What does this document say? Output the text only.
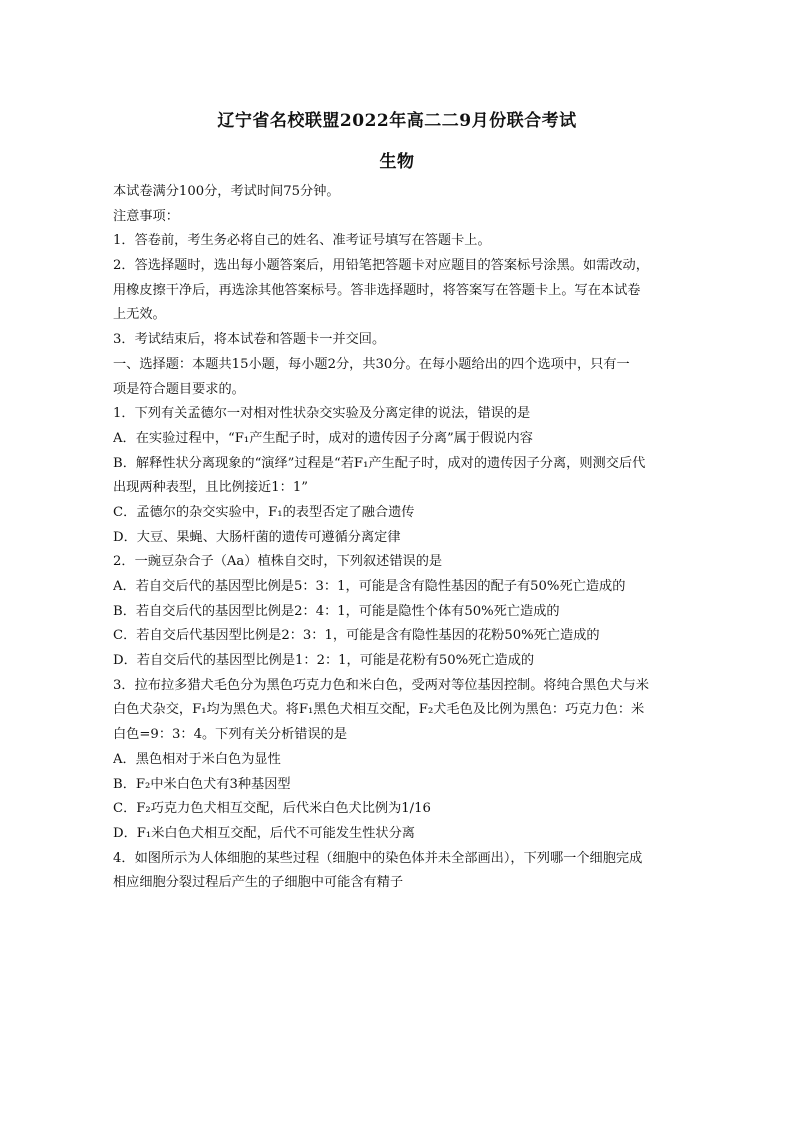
辽宁省名校联盟2022年高二二9月份联合考试
生物
本试卷满分100分，考试时间75分钟。
注意事项：
1．答卷前，考生务必将自己的姓名、准考证号填写在答题卡上。
2．答选择题时，选出每小题答案后，用铅笔把答题卡对应题目的答案标号涂黑。如需改动，
用橡皮擦干净后，再选涂其他答案标号。答非选择题时，将答案写在答题卡上。写在本试卷
上无效。
3．考试结束后，将本试卷和答题卡一并交回。
一、选择题：本题共15小题，每小题2分，共30分。在每小题给出的四个选项中，只有一
项是符合题目要求的。
1．下列有关孟德尔一对相对性状杂交实验及分离定律的说法，错误的是
A．在实验过程中，“F₁产生配子时，成对的遗传因子分离”属于假说内容
B．解释性状分离现象的“演绎”过程是“若F₁产生配子时，成对的遗传因子分离，则测交后代
出现两种表型，且比例接近1：1”
C．孟德尔的杂交实验中，F₁的表型否定了融合遗传
D．大豆、果蝇、大肠杆菌的遗传可遵循分离定律
2．一豌豆杂合子（Aa）植株自交时，下列叙述错误的是
A．若自交后代的基因型比例是5：3：1，可能是含有隐性基因的配子有50%死亡造成的
B．若自交后代的基因型比例是2：4：1，可能是隐性个体有50%死亡造成的
C．若自交后代基因型比例是2：3：1，可能是含有隐性基因的花粉50%死亡造成的
D．若自交后代的基因型比例是1：2：1，可能是花粉有50%死亡造成的
3．拉布拉多猎犬毛色分为黑色巧克力色和米白色，受两对等位基因控制。将纯合黑色犬与米
白色犬杂交，F₁均为黑色犬。将F₁黑色犬相互交配，F₂犬毛色及比例为黑色：巧克力色：米
白色=9：3：4。下列有关分析错误的是
A．黑色相对于米白色为显性
B．F₂中米白色犬有3种基因型
C．F₂巧克力色犬相互交配，后代米白色犬比例为1/16
D．F₁米白色犬相互交配，后代不可能发生性状分离
4．如图所示为人体细胞的某些过程（细胞中的染色体并未全部画出），下列哪一个细胞完成
相应细胞分裂过程后产生的子细胞中可能含有精子
